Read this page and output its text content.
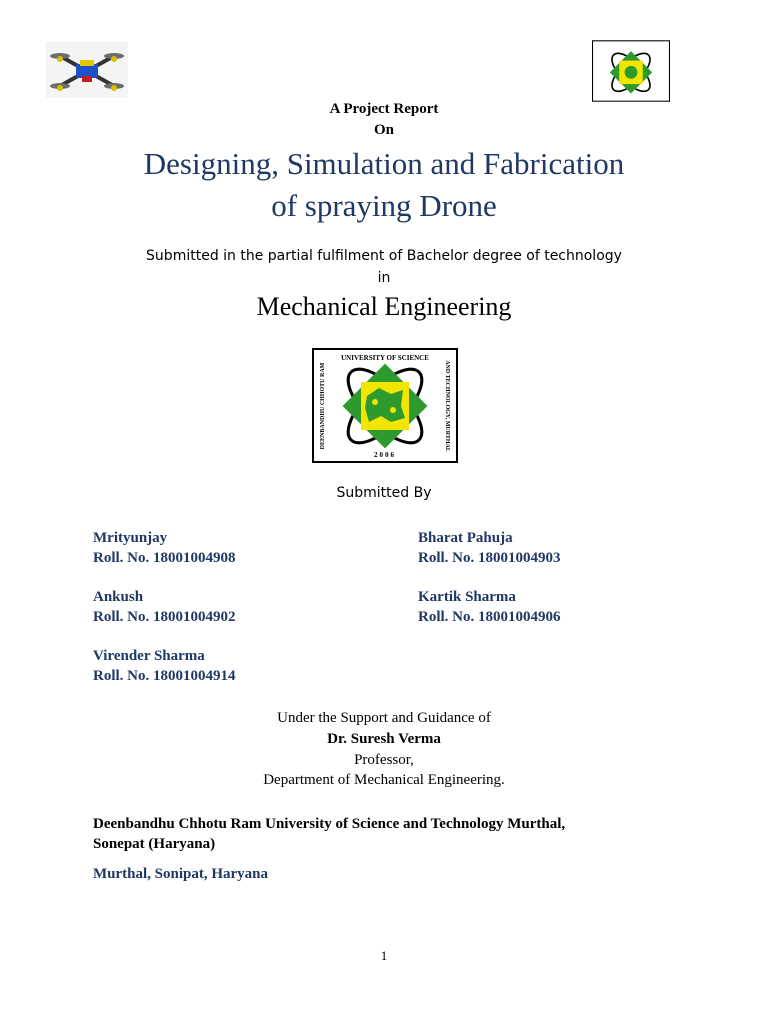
A Project Report
On
Designing, Simulation and Fabrication
of spraying Drone
Submitted in the partial fulfilment of Bachelor degree of technology
in
Mechanical Engineering
UNIVERSITY OF SCIENCE
2006
DEENBANDHU CHHOTU RAM	AND TECHNOLOGY, MURTHAL
Submitted By
Mrityunjay
Roll. No. 18001004908
Bharat Pahuja
Roll. No. 18001004903
Ankush
Roll. No. 18001004902
Kartik Sharma
Roll. No. 18001004906
Virender Sharma
Roll. No. 18001004914
Under the Support and Guidance of
Dr. Suresh Verma
Professor,
Department of Mechanical Engineering.
Deenbandhu Chhotu Ram University of Science and Technology Murthal,
Sonepat (Haryana)
Murthal, Sonipat, Haryana
1
